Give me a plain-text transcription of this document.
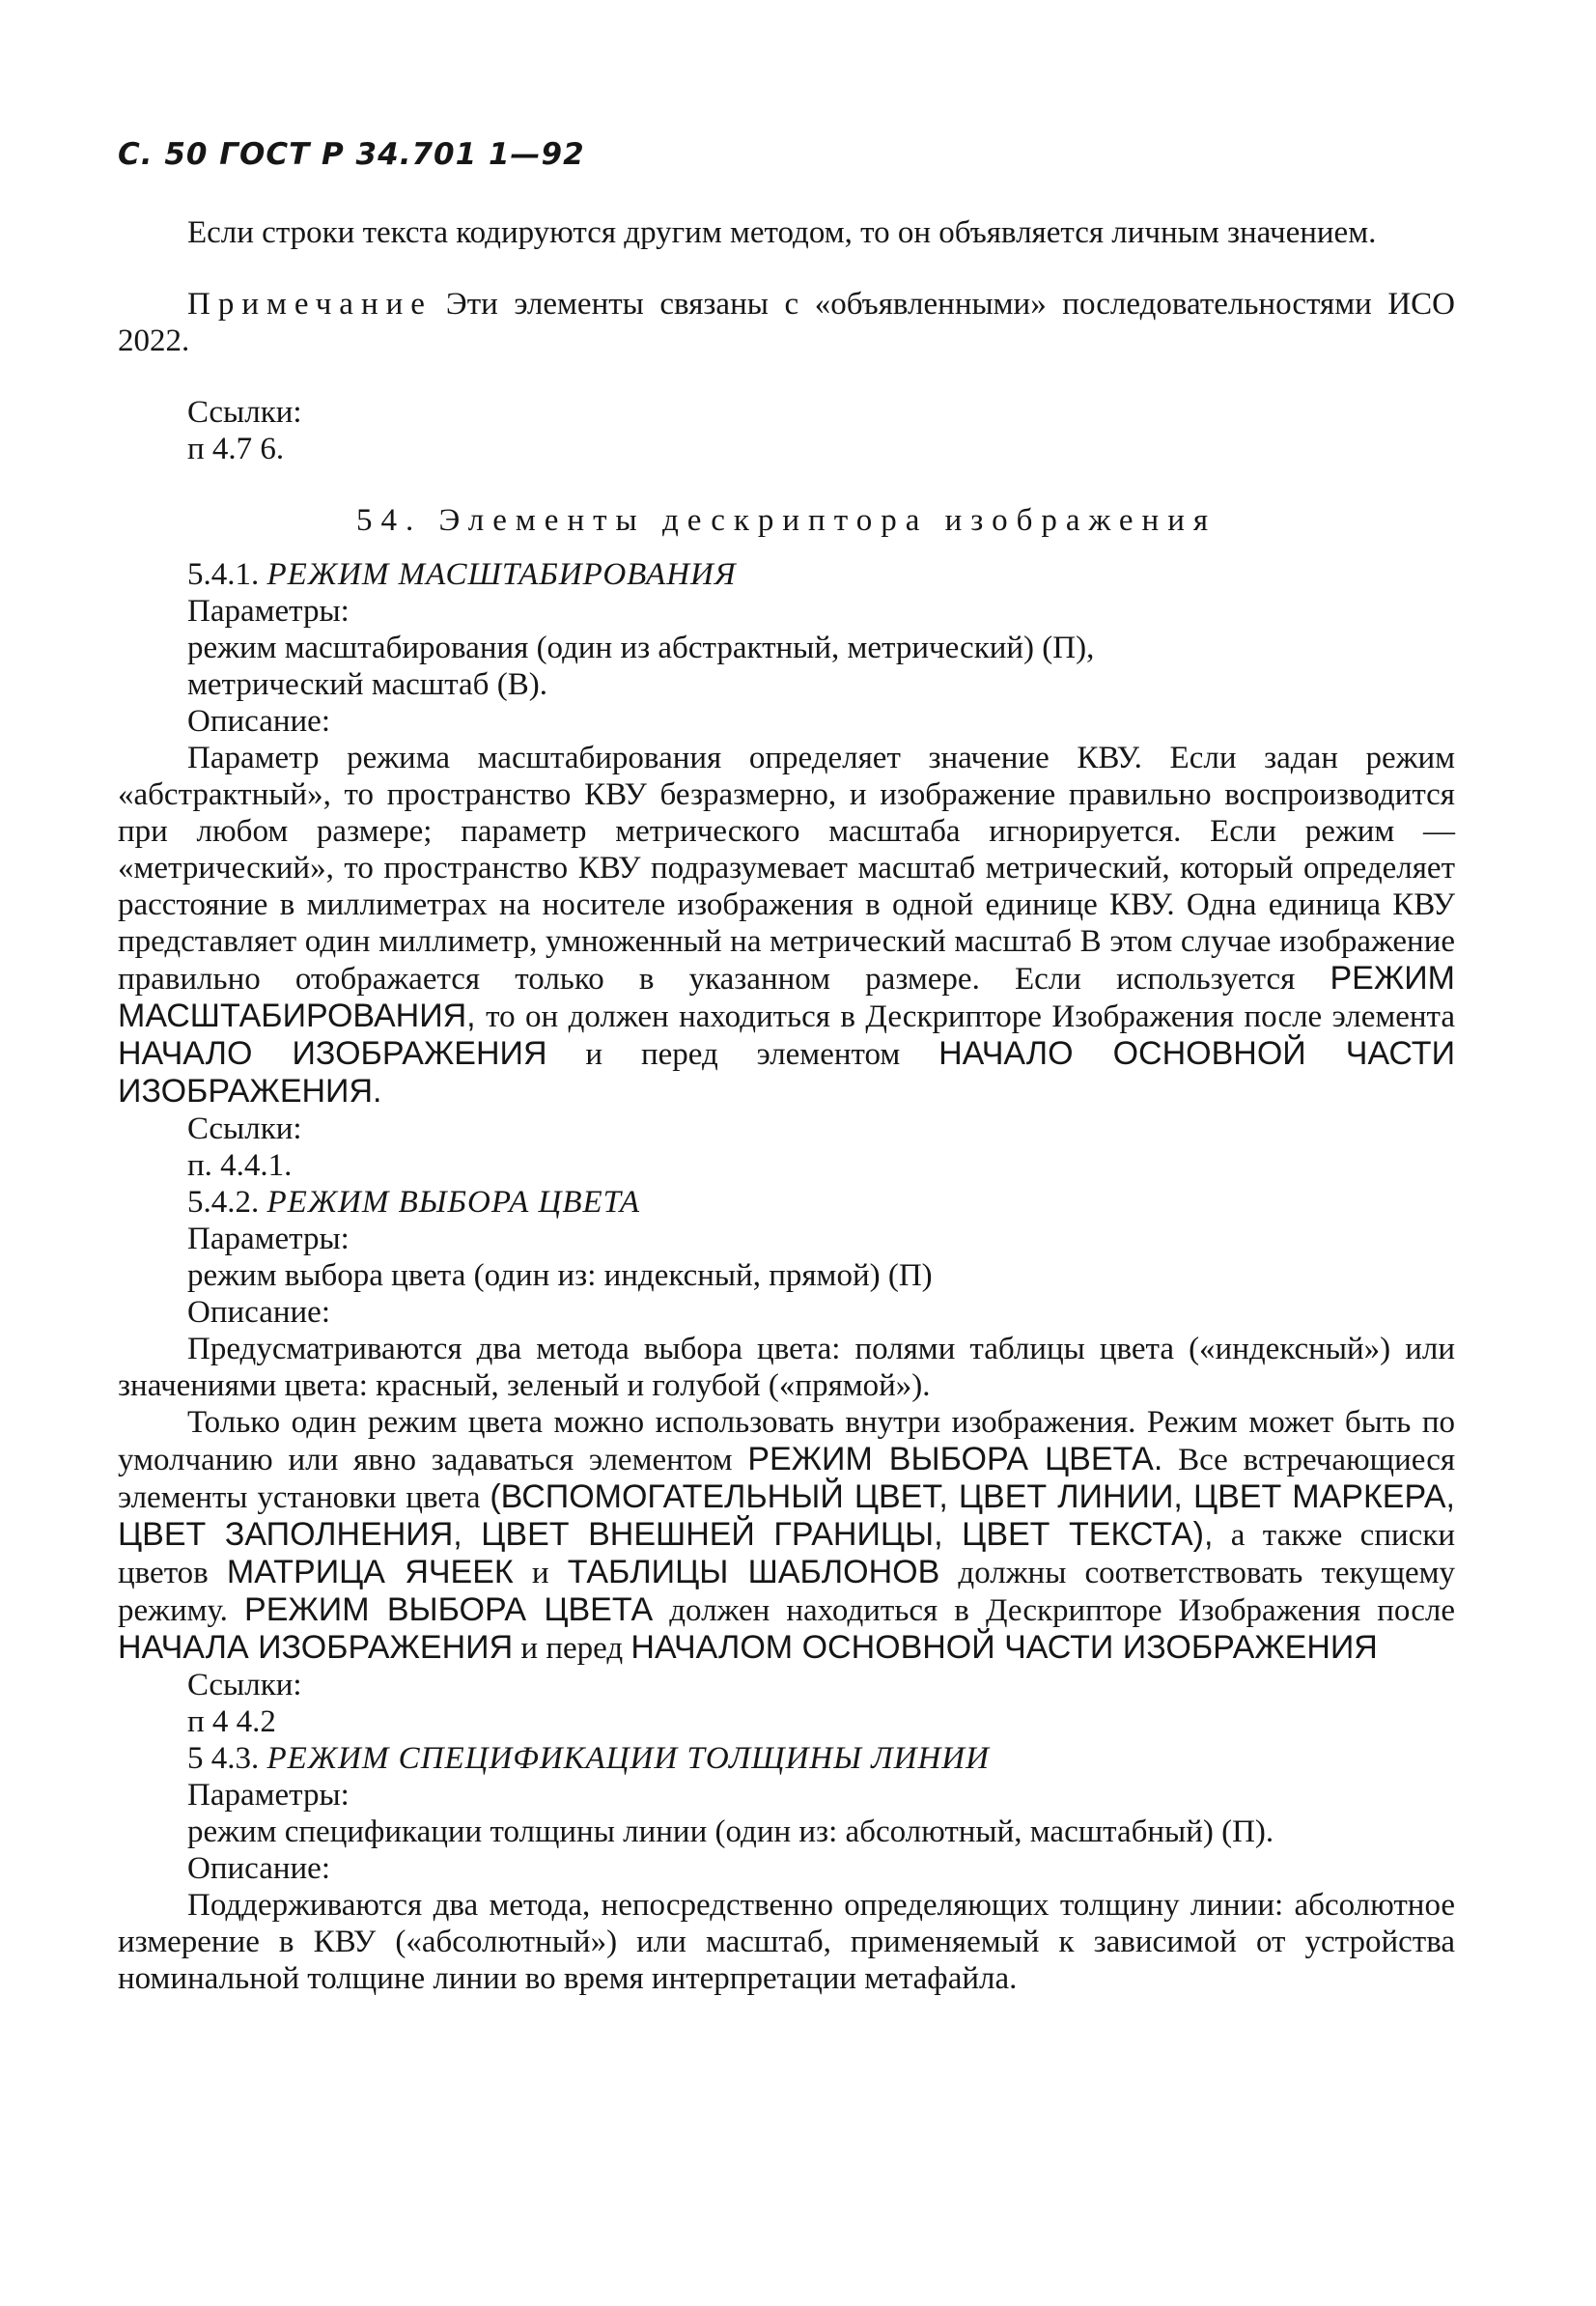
С. 50 ГОСТ Р 34.701 1—92

Если строки текста кодируются другим методом, то он объявляется личным значением.

Примечание Эти элементы связаны с «объявленными» последовательностями ИСО 2022.

Ссылки:

п 4.7 6.

54. Элементы дескриптора изображения

5.4.1. РЕЖИМ МАСШТАБИРОВАНИЯ

Параметры:

режим масштабирования (один из абстрактный, метрический) (П),

метрический масштаб (В).

Описание:

Параметр режима масштабирования определяет значение КВУ. Если задан режим «абстрактный», то пространство КВУ безразмерно, и изображение правильно воспроизводится при любом размере; параметр метрического масштаба игнорируется. Если режим — «метрический», то пространство КВУ подразумевает масштаб метрический, который определяет расстояние в миллиметрах на носителе изображения в одной единице КВУ. Одна единица КВУ представляет один миллиметр, умноженный на метрический масштаб В этом случае изображение правильно отображается только в указанном размере. Если используется РЕЖИМ МАСШТАБИРОВАНИЯ, то он должен находиться в Дескрипторе Изображения после элемента НАЧАЛО ИЗОБРАЖЕНИЯ и перед элементом НАЧАЛО ОСНОВНОЙ ЧАСТИ ИЗОБРАЖЕНИЯ.

Ссылки:

п. 4.4.1.

5.4.2. РЕЖИМ ВЫБОРА ЦВЕТА

Параметры:

режим выбора цвета (один из: индексный, прямой) (П)

Описание:

Предусматриваются два метода выбора цвета: полями таблицы цвета («индексный») или значениями цвета: красный, зеленый и голубой («прямой»).

Только один режим цвета можно использовать внутри изображения. Режим может быть по умолчанию или явно задаваться элементом РЕЖИМ ВЫБОРА ЦВЕТА. Все встречающиеся элементы установки цвета (ВСПОМОГАТЕЛЬНЫЙ ЦВЕТ, ЦВЕТ ЛИНИИ, ЦВЕТ МАРКЕРА, ЦВЕТ ЗАПОЛНЕНИЯ, ЦВЕТ ВНЕШНЕЙ ГРАНИЦЫ, ЦВЕТ ТЕКСТА), а также списки цветов МАТРИЦА ЯЧЕЕК и ТАБЛИЦЫ ШАБЛОНОВ должны соответствовать текущему режиму. РЕЖИМ ВЫБОРА ЦВЕТА должен находиться в Дескрипторе Изображения после НАЧАЛА ИЗОБРАЖЕНИЯ и перед НАЧАЛОМ ОСНОВНОЙ ЧАСТИ ИЗОБРАЖЕНИЯ

Ссылки:

п 4 4.2

5 4.3. РЕЖИМ СПЕЦИФИКАЦИИ ТОЛЩИНЫ ЛИНИИ

Параметры:

режим спецификации толщины линии (один из: абсолютный, масштабный) (П).

Описание:

Поддерживаются два метода, непосредственно определяющих толщину линии: абсолютное измерение в КВУ («абсолютный») или масштаб, применяемый к зависимой от устройства номинальной толщине линии во время интерпретации метафайла.
